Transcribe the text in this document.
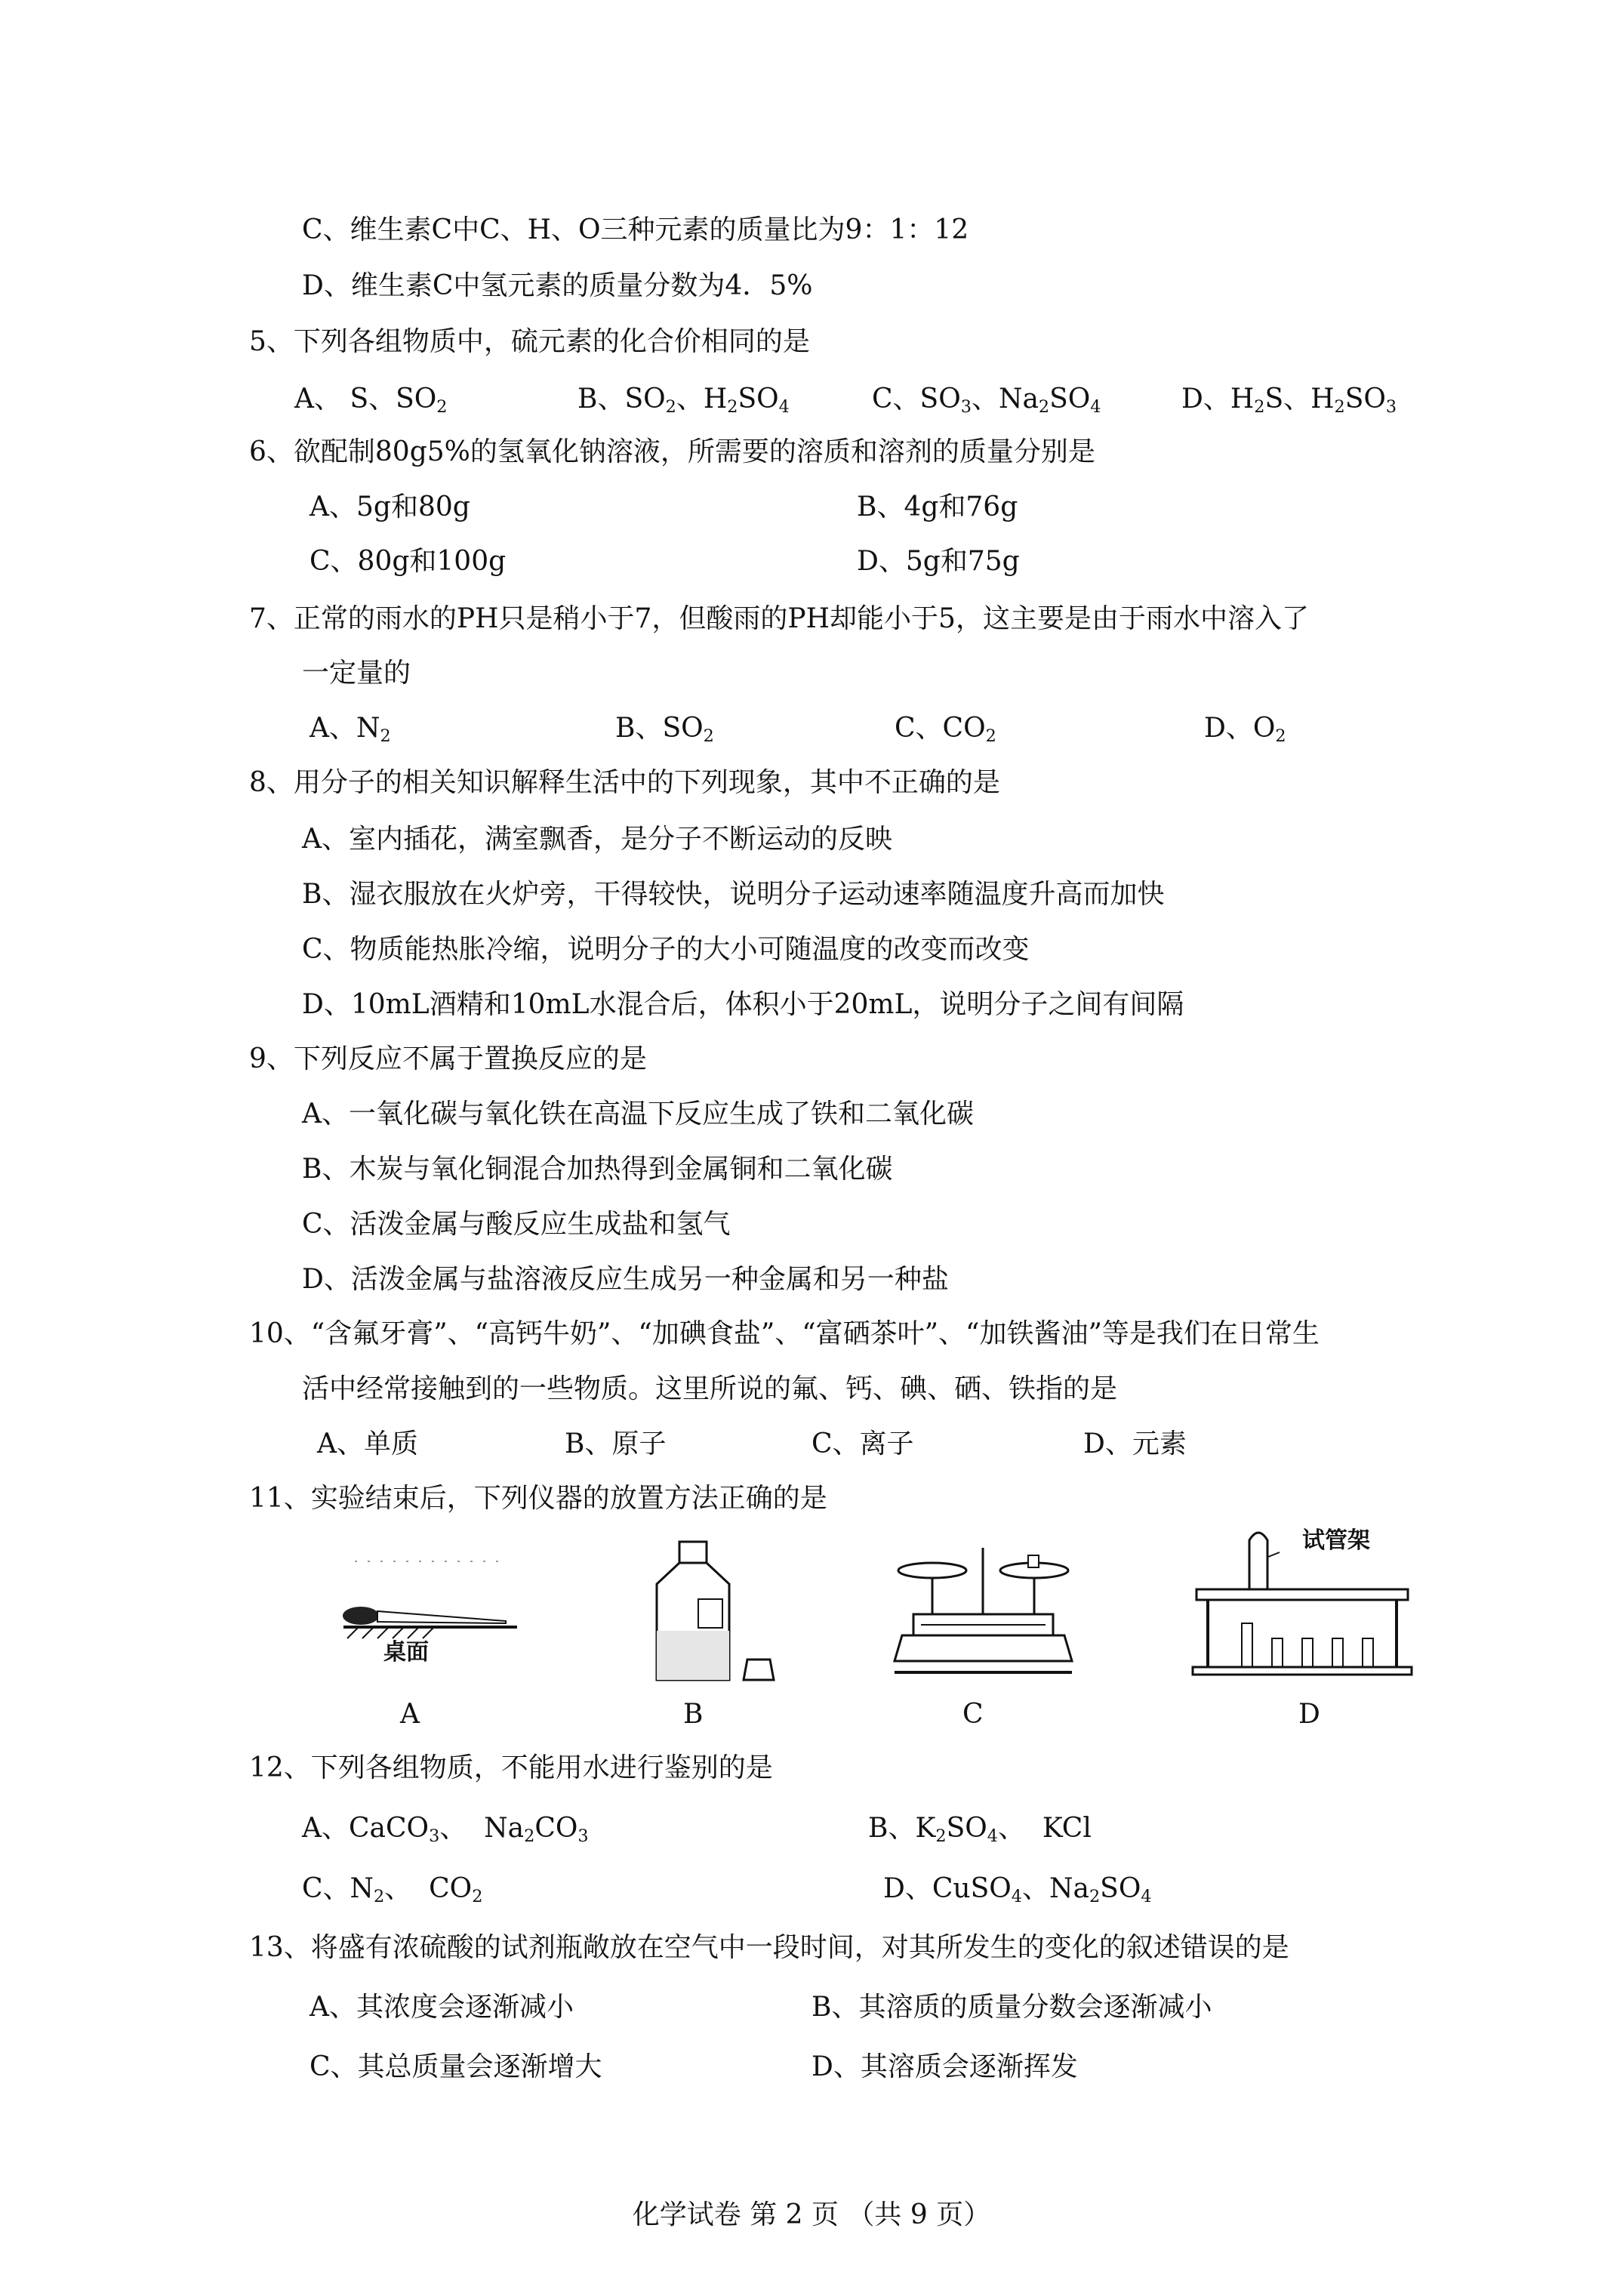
C、维生素C中C、H、O三种元素的质量比为9：1：12
D、维生素C中氢元素的质量分数为4．5%
5、下列各组物质中，硫元素的化合价相同的是
A、 S、$SO_2$	B、$SO_2$、$H_2SO_4$	C、$SO_3$、$Na_2SO_4$	D、$H_2S$、$H_2SO_3$
6、欲配制80g5%的氢氧化钠溶液，所需要的溶质和溶剂的质量分别是
A、5g和80g	B、4g和76g
C、80g和100g	D、5g和75g
7、正常的雨水的PH只是稍小于7，但酸雨的PH却能小于5，这主要是由于雨水中溶入了
一定量的
A、$N_2$	B、$SO_2$	C、$CO_2$	D、$O_2$
8、用分子的相关知识解释生活中的下列现象，其中不正确的是
A、室内插花，满室飘香，是分子不断运动的反映
B、湿衣服放在火炉旁，干得较快，说明分子运动速率随温度升高而加快
C、物质能热胀冷缩，说明分子的大小可随温度的改变而改变
D、10mL酒精和10mL水混合后，体积小于20mL，说明分子之间有间隔
9、下列反应不属于置换反应的是
A、一氧化碳与氧化铁在高温下反应生成了铁和二氧化碳
B、木炭与氧化铜混合加热得到金属铜和二氧化碳
C、活泼金属与酸反应生成盐和氢气
D、活泼金属与盐溶液反应生成另一种金属和另一种盐
10、“含氟牙膏”、“高钙牛奶”、“加碘食盐”、“富硒茶叶”、“加铁酱油”等是我们在日常生
活中经常接触到的一些物质。这里所说的氟、钙、碘、硒、铁指的是
A、单质	B、原子	C、离子	D、元素
11、实验结束后，下列仪器的放置方法正确的是
桌面
试管架
A	B	C	D
12、下列各组物质，不能用水进行鉴别的是
A、CaCO$_3$、  $Na_2CO_3$	B、$K_2SO_4$、  KCl
C、$N_2$、  $CO_2$	D、CuSO$_4$、$Na_2SO_4$
13、将盛有浓硫酸的试剂瓶敞放在空气中一段时间，对其所发生的变化的叙述错误的是
A、其浓度会逐渐减小	B、其溶质的质量分数会逐渐减小
C、其总质量会逐渐增大	D、其溶质会逐渐挥发
化学试卷 第 2 页 （共 9 页）
